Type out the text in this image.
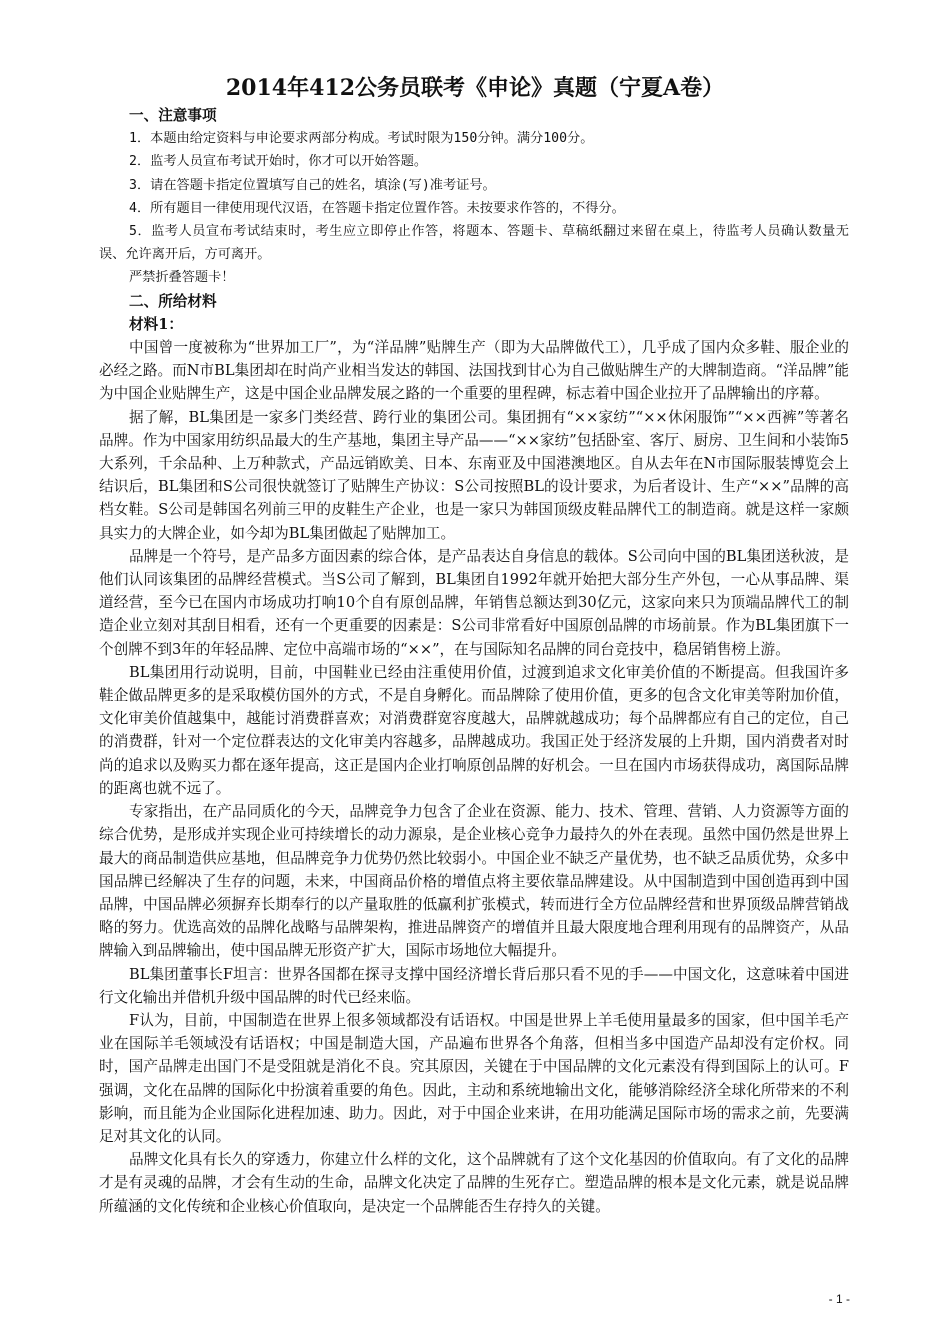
2014年412公务员联考《申论》真题（宁夏A卷）

一、注意事项

1．本题由给定资料与申论要求两部分构成。考试时限为150分钟。满分100分。

2．监考人员宣布考试开始时，你才可以开始答题。

3．请在答题卡指定位置填写自己的姓名，填涂(写)准考证号。

4．所有题目一律使用现代汉语，在答题卡指定位置作答。未按要求作答的，不得分。

5．监考人员宣布考试结束时，考生应立即停止作答，将题本、答题卡、草稿纸翻过来留在桌上，待监考人员确认数量无误、允许离开后，方可离开。

严禁折叠答题卡！

二、所给材料

材料1：

中国曾一度被称为“世界加工厂”，为“洋品牌”贴牌生产（即为大品牌做代工），几乎成了国内众多鞋、服企业的必经之路。而N市BL集团却在时尚产业相当发达的韩国、法国找到甘心为自己做贴牌生产的大牌制造商。“洋品牌”能为中国企业贴牌生产，这是中国企业品牌发展之路的一个重要的里程碑，标志着中国企业拉开了品牌输出的序幕。

据了解，BL集团是一家多门类经营、跨行业的集团公司。集团拥有“××家纺”“××休闲服饰”“××西裤”等著名品牌。作为中国家用纺织品最大的生产基地，集团主导产品——“××家纺”包括卧室、客厅、厨房、卫生间和小装饰5大系列，千余品种、上万种款式，产品远销欧美、日本、东南亚及中国港澳地区。自从去年在N市国际服装博览会上结识后，BL集团和S公司很快就签订了贴牌生产协议：S公司按照BL的设计要求，为后者设计、生产“××”品牌的高档女鞋。S公司是韩国名列前三甲的皮鞋生产企业，也是一家只为韩国顶级皮鞋品牌代工的制造商。就是这样一家颇具实力的大牌企业，如今却为BL集团做起了贴牌加工。

品牌是一个符号，是产品多方面因素的综合体，是产品表达自身信息的载体。S公司向中国的BL集团送秋波，是他们认同该集团的品牌经营模式。当S公司了解到，BL集团自1992年就开始把大部分生产外包，一心从事品牌、渠道经营，至今已在国内市场成功打响10个自有原创品牌，年销售总额达到30亿元，这家向来只为顶端品牌代工的制造企业立刻对其刮目相看，还有一个更重要的因素是：S公司非常看好中国原创品牌的市场前景。作为BL集团旗下一个创牌不到3年的年轻品牌、定位中高端市场的“××”，在与国际知名品牌的同台竞技中，稳居销售榜上游。

BL集团用行动说明，目前，中国鞋业已经由注重使用价值，过渡到追求文化审美价值的不断提高。但我国许多鞋企做品牌更多的是采取模仿国外的方式，不是自身孵化。而品牌除了使用价值，更多的包含文化审美等附加价值，文化审美价值越集中，越能讨消费群喜欢；对消费群宽容度越大，品牌就越成功；每个品牌都应有自己的定位，自己的消费群，针对一个定位群表达的文化审美内容越多，品牌越成功。我国正处于经济发展的上升期，国内消费者对时尚的追求以及购买力都在逐年提高，这正是国内企业打响原创品牌的好机会。一旦在国内市场获得成功，离国际品牌的距离也就不远了。

专家指出，在产品同质化的今天，品牌竞争力包含了企业在资源、能力、技术、管理、营销、人力资源等方面的综合优势，是形成并实现企业可持续增长的动力源泉，是企业核心竞争力最持久的外在表现。虽然中国仍然是世界上最大的商品制造供应基地，但品牌竞争力优势仍然比较弱小。中国企业不缺乏产量优势，也不缺乏品质优势，众多中国品牌已经解决了生存的问题，未来，中国商品价格的增值点将主要依靠品牌建设。从中国制造到中国创造再到中国品牌，中国品牌必须摒弃长期奉行的以产量取胜的低赢利扩张模式，转而进行全方位品牌经营和世界顶级品牌营销战略的努力。优选高效的品牌化战略与品牌架构，推进品牌资产的增值并且最大限度地合理利用现有的品牌资产，从品牌输入到品牌输出，使中国品牌无形资产扩大，国际市场地位大幅提升。

BL集团董事长F坦言：世界各国都在探寻支撑中国经济增长背后那只看不见的手——中国文化，这意味着中国进行文化输出并借机升级中国品牌的时代已经来临。

F认为，目前，中国制造在世界上很多领域都没有话语权。中国是世界上羊毛使用量最多的国家，但中国羊毛产业在国际羊毛领域没有话语权；中国是制造大国，产品遍布世界各个角落，但相当多中国造产品却没有定价权。同时，国产品牌走出国门不是受阻就是消化不良。究其原因，关键在于中国品牌的文化元素没有得到国际上的认可。F强调，文化在品牌的国际化中扮演着重要的角色。因此，主动和系统地输出文化，能够消除经济全球化所带来的不利影响，而且能为企业国际化进程加速、助力。因此，对于中国企业来讲，在用功能满足国际市场的需求之前，先要满足对其文化的认同。

品牌文化具有长久的穿透力，你建立什么样的文化，这个品牌就有了这个文化基因的价值取向。有了文化的品牌才是有灵魂的品牌，才会有生动的生命，品牌文化决定了品牌的生死存亡。塑造品牌的根本是文化元素，就是说品牌所蕴涵的文化传统和企业核心价值取向，是决定一个品牌能否生存持久的关键。

- 1 -
